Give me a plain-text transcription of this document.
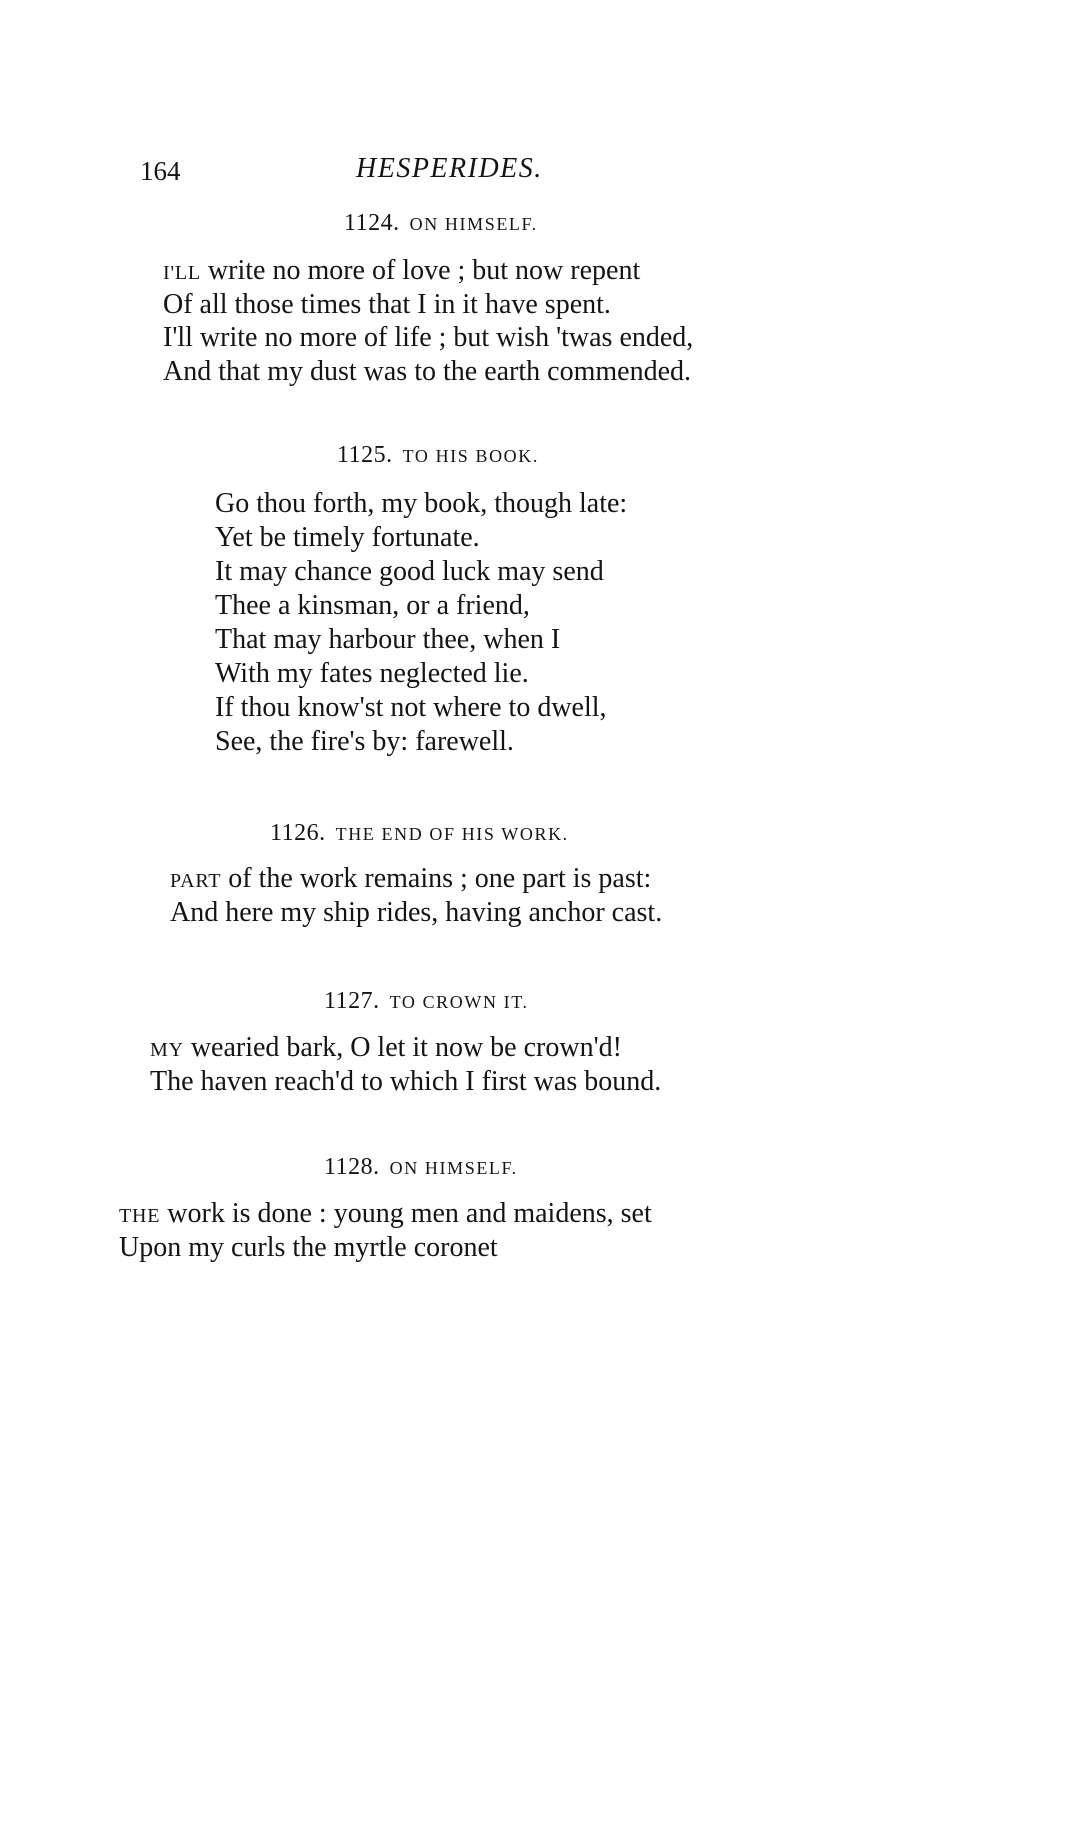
164	HESPERIDES.
1124. ON HIMSELF.
I'LL write no more of love ; but now repent
Of all those times that I in it have spent.
I'll write no more of life ; but wish 'twas ended,
And that my dust was to the earth commended.
1125. TO HIS BOOK.
Go thou forth, my book, though late:
Yet be timely fortunate.
It may chance good luck may send
Thee a kinsman, or a friend,
That may harbour thee, when I
With my fates neglected lie.
If thou know'st not where to dwell,
See, the fire's by: farewell.
1126. THE END OF HIS WORK.
PART of the work remains ; one part is past:
And here my ship rides, having anchor cast.
1127. TO CROWN IT.
MY wearied bark, O let it now be crown'd!
The haven reach'd to which I first was bound.
1128. ON HIMSELF.
THE work is done : young men and maidens, set
Upon my curls the myrtle coronet
